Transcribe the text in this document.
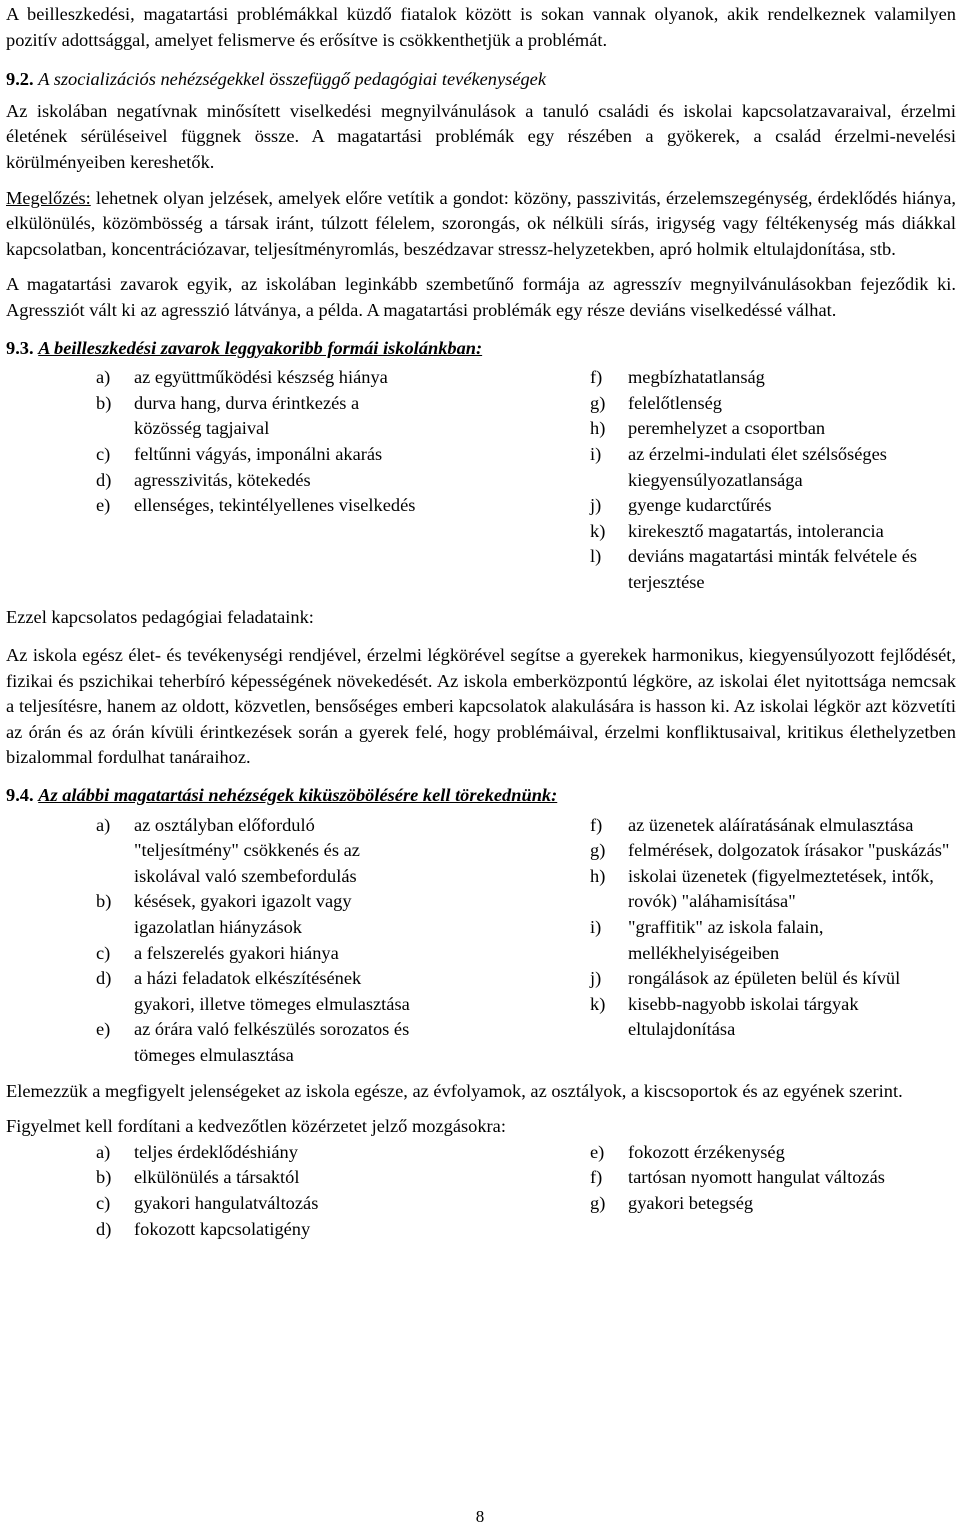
A beilleszkedési, magatartási problémákkal küzdő fiatalok között is sokan vannak olyanok, akik rendelkeznek valamilyen pozitív adottsággal, amelyet felismerve és erősítve is csökkenthetjük a problémát.

9.2. A szocializációs nehézségekkel összefüggő pedagógiai tevékenységek

Az iskolában negatívnak minősített viselkedési megnyilvánulások a tanuló családi és iskolai kapcsolatzavaraival, érzelmi életének sérüléseivel függnek össze. A magatartási problémák egy részében a gyökerek, a család érzelmi-nevelési körülményeiben kereshetők.

Megelőzés: lehetnek olyan jelzések, amelyek előre vetítik a gondot: közöny, passzivitás, érzelemszegénység, érdeklődés hiánya, elkülönülés, közömbösség a társak iránt, túlzott félelem, szorongás, ok nélküli sírás, irigység vagy féltékenység más diákkal kapcsolatban, koncentrációzavar, teljesítményromlás, beszédzavar stressz-helyzetekben, apró holmik eltulajdonítása, stb.

A magatartási zavarok egyik, az iskolában leginkább szembetűnő formája az agresszív megnyilvánulásokban fejeződik ki. Agressziót vált ki az agresszió látványa, a példa. A magatartási problémák egy része deviáns viselkedéssé válhat.

9.3. A beilleszkedési zavarok leggyakoribb formái iskolánkban:
a)	az együttműködési készség hiánya
b)	durva hang, durva érintkezés a közösség tagjaival
c)	feltűnni vágyás, imponálni akarás
d)	agresszivitás, kötekedés
e)	ellenséges, tekintélyellenes viselkedés
f)	megbízhatatlanság
g)	felelőtlenség
h)	peremhelyzet a csoportban
i)	az érzelmi-indulati élet szélsőséges kiegyensúlyozatlansága
j)	gyenge kudarctűrés
k)	kirekesztő magatartás, intolerancia
l)	deviáns magatartási minták felvétele és terjesztése

Ezzel kapcsolatos pedagógiai feladataink:

Az iskola egész élet- és tevékenységi rendjével, érzelmi légkörével segítse a gyerekek harmonikus, kiegyensúlyozott fejlődését, fizikai és pszichikai teherbíró képességének növekedését. Az iskola emberközpontú légköre, az iskolai élet nyitottsága nemcsak a teljesítésre, hanem az oldott, közvetlen, bensőséges emberi kapcsolatok alakulására is hasson ki. Az iskolai légkör azt közvetíti az órán és az órán kívüli érintkezések során a gyerek felé, hogy problémáival, érzelmi konfliktusaival, kritikus élethelyzetben bizalommal fordulhat tanáraihoz.

9.4. Az alábbi magatartási nehézségek kiküszöbölésére kell törekednünk:
a)	az osztályban előforduló "teljesítmény" csökkenés és az iskolával való szembefordulás
b)	késések, gyakori igazolt vagy igazolatlan hiányzások
c)	a felszerelés gyakori hiánya
d)	a házi feladatok elkészítésének gyakori, illetve tömeges elmulasztása
e)	az órára való felkészülés sorozatos és tömeges elmulasztása
f)	az üzenetek aláíratásának elmulasztása
g)	felmérések, dolgozatok írásakor "puskázás"
h)	iskolai üzenetek (figyelmeztetések, intők, rovók) "aláhamisítása"
i)	"graffitik" az iskola falain, mellékhelyiségeiben
j)	rongálások az épületen belül és kívül
k)	kisebb-nagyobb iskolai tárgyak eltulajdonítása

Elemezzük a megfigyelt jelenségeket az iskola egésze, az évfolyamok, az osztályok, a kiscsoportok és az egyének szerint.

Figyelmet kell fordítani a kedvezőtlen közérzetet jelző mozgásokra:

a)	teljes érdeklődéshiány
b)	elkülönülés a társaktól
c)	gyakori hangulatváltozás
d)	fokozott kapcsolatigény
e)	fokozott érzékenység
f)	tartósan nyomott hangulat változás
g)	gyakori betegség
8
